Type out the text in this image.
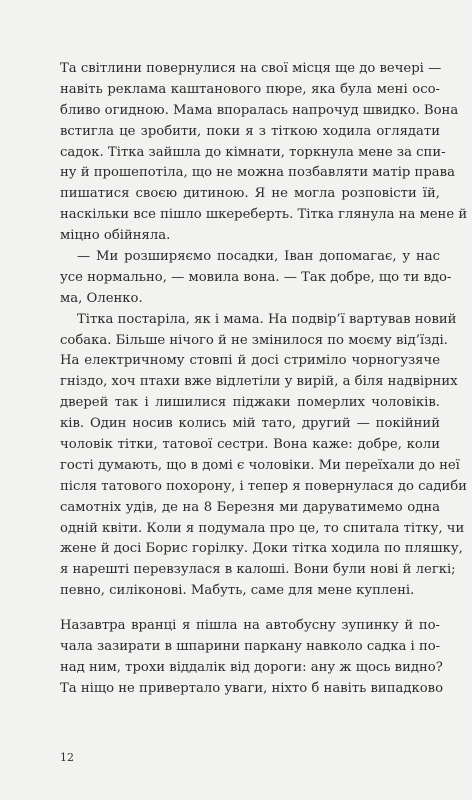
Та світлини повернулися на свої місця ще до вечері —
навіть реклама каштанового пюре, яка була мені осо-
бливо огидною. Мама впоралась напрочуд швидко. Вона
встигла це зробити, поки я з тіткою ходила оглядати
садок. Тітка зайшла до кімнати, торкнула мене за спи-
ну й прошепотіла, що не можна позбавляти матір права
пишатися своєю дитиною. Я не могла розповісти їй,
наскільки все пішло шкереберть. Тітка глянула на мене й
міцно обійняла.
— Ми розширяємо посадки, Іван допомагає, у нас
усе нормально, — мовила вона. — Так добре, що ти вдо-
ма, Оленко.
Тітка постаріла, як і мама. На подвір’ї вартував новий
собака. Більше нічого й не змінилося по моєму від’їзді.
На електричному стовпі й досі стриміло чорногузяче
гніздо, хоч птахи вже відлетіли у вирій, а біля надвірних
дверей так і лишилися піджаки померлих чоловіків.
ків. Один носив колись мій тато, другий — покійний
чоловік тітки, татової сестри. Вона каже: добре, коли
гості думають, що в домі є чоловіки. Ми переїхали до неї
після татового похорону, і тепер я повернулася до садиби
самотніх удів, де на 8 Березня ми даруватимемо одна
одній квіти. Коли я подумала про це, то спитала тітку, чи
жене й досі Борис горілку. Доки тітка ходила по пляшку,
я нарешті перевзулася в калоші. Вони були нові й легкі;
певно, силіконові. Мабуть, саме для мене куплені.
Назавтра вранці я пішла на автобусну зупинку й по-
чала зазирати в шпарини паркану навколо садка і по-
над ним, трохи віддалік від дороги: ану ж щось видно?
Та ніщо не привертало уваги, ніхто б навіть випадково
12
